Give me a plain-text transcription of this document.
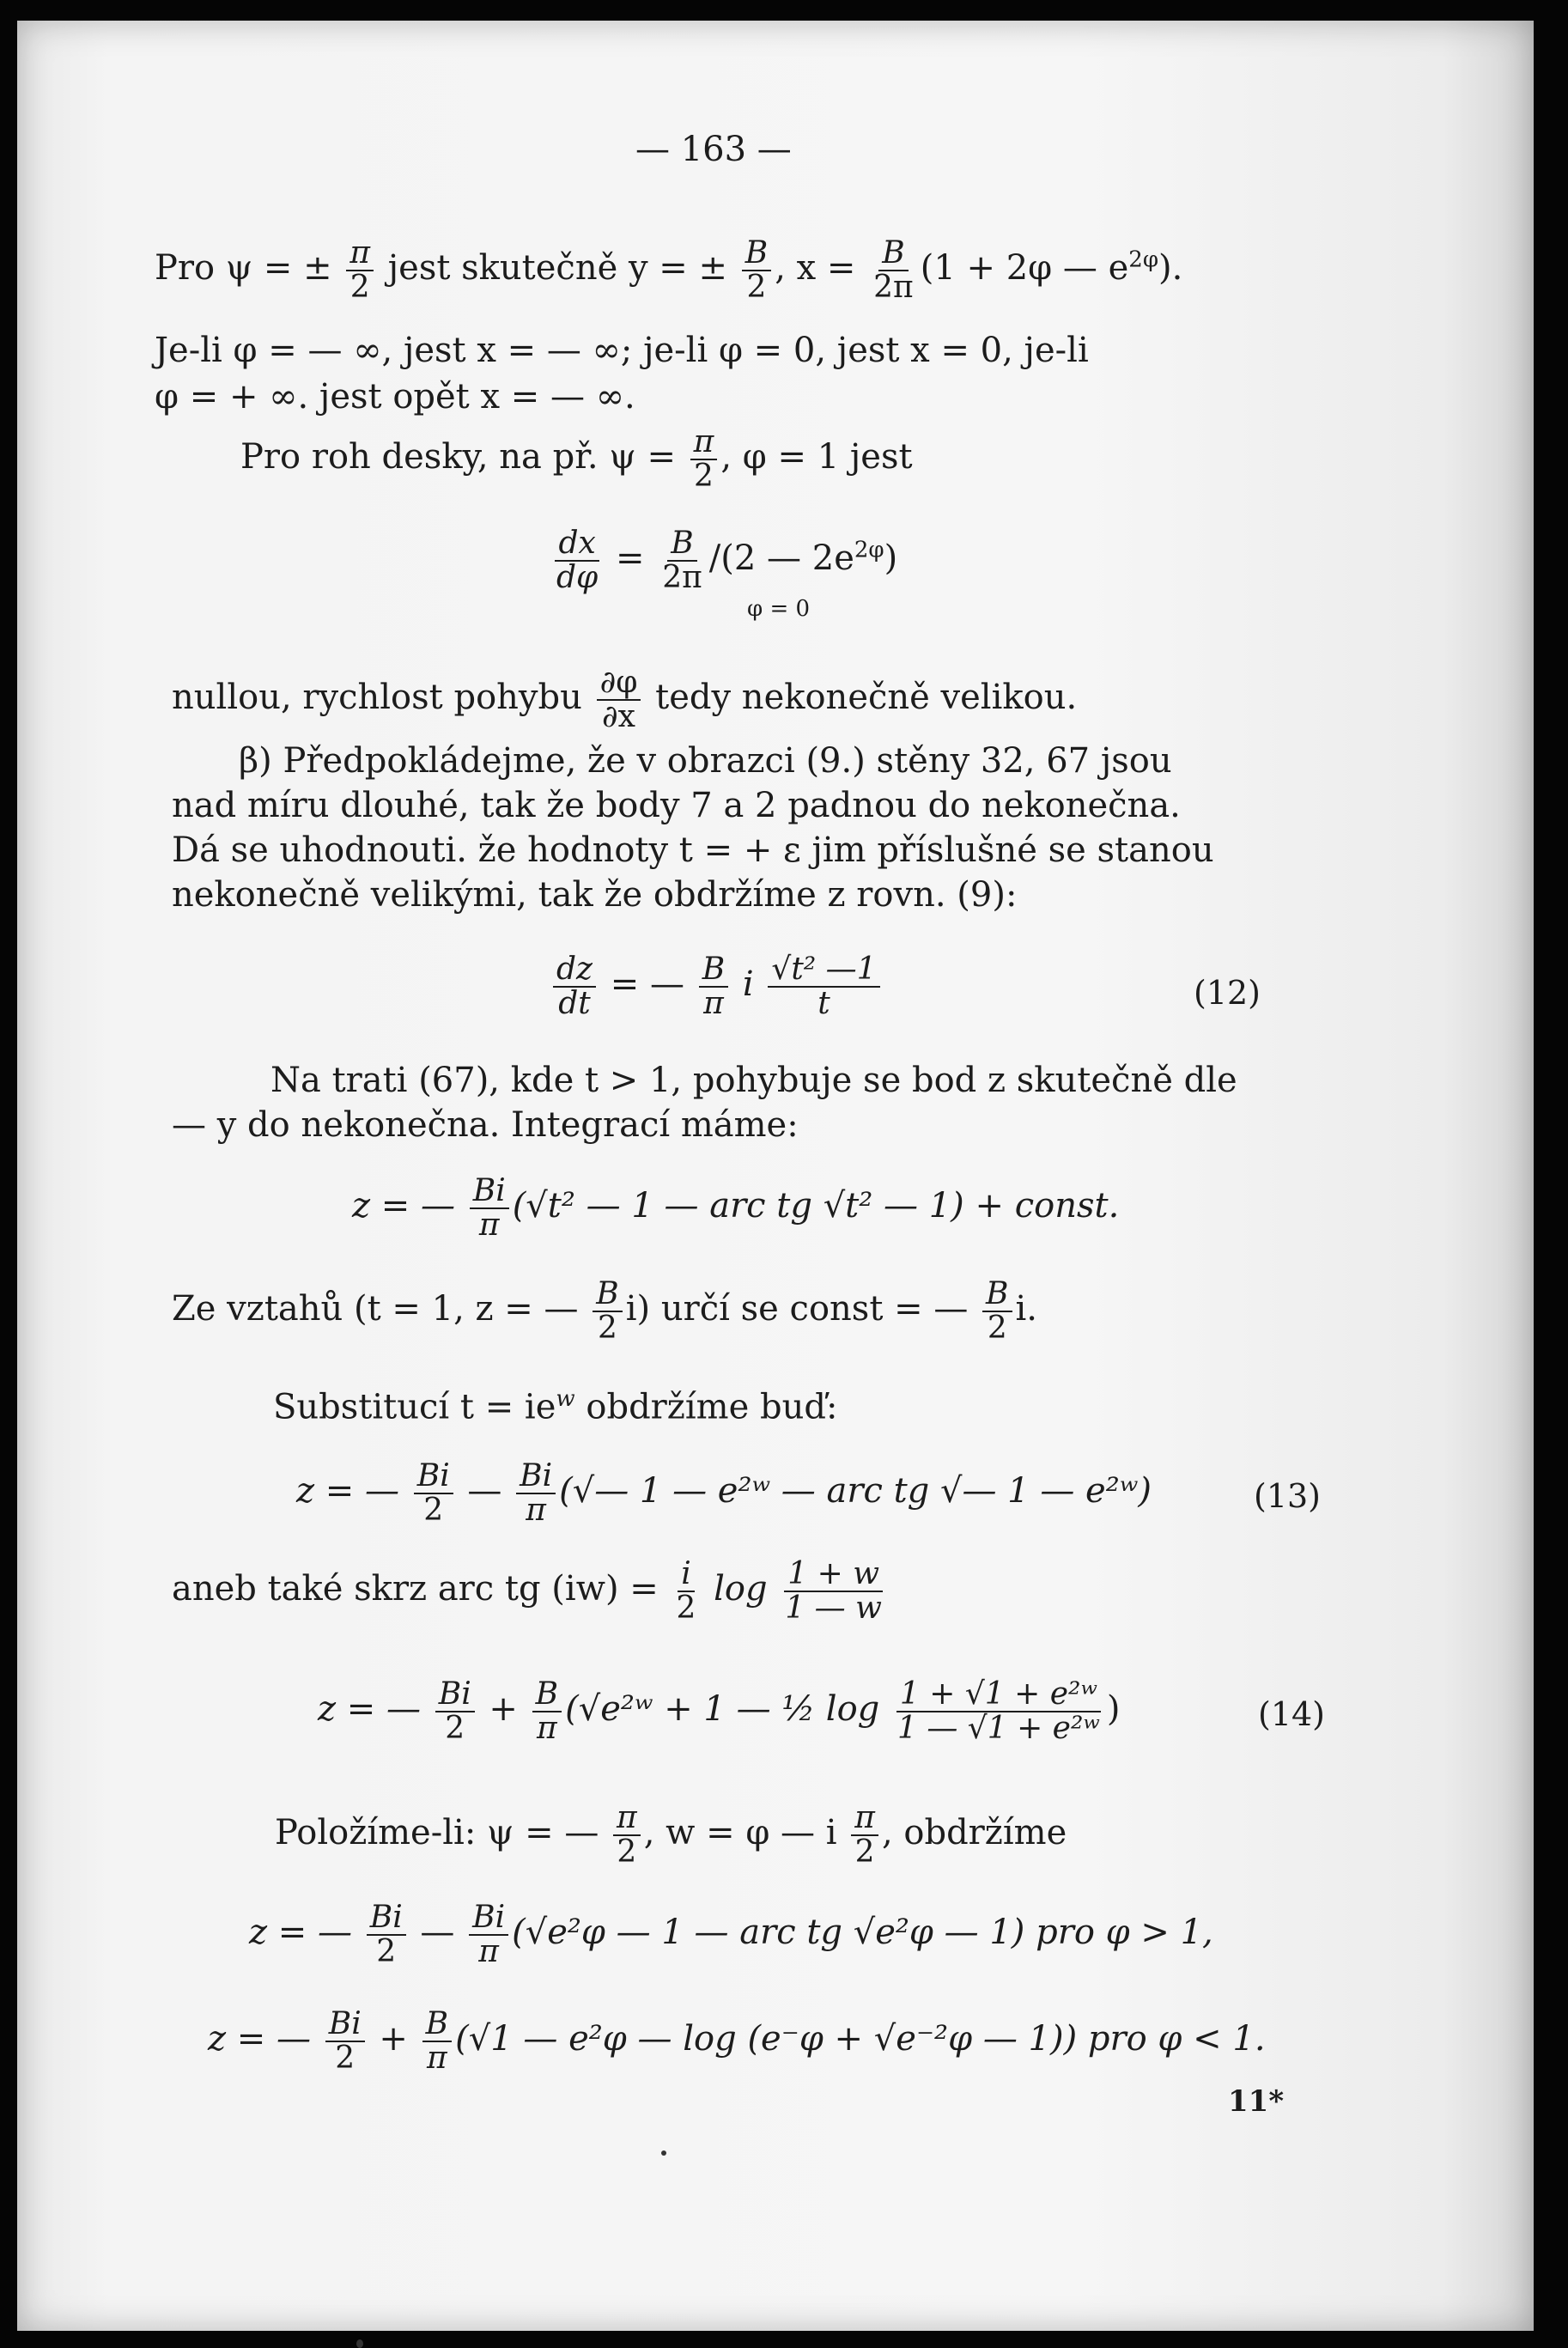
— 163 —
Pro ψ = ± $\frac{\pi}{2}$ jest skutečně y = ± $\frac{B}{2}$ , $x = \frac{B}{2\pi} (1 + 2\varphi$ — $e^{2\varphi}$).
Je-li φ = — ∞, jest x = — ∞; je-li φ = 0, jest x = 0, je-li
φ = + ∞. jest opět x = — ∞.
Pro roh desky, na př. $\psi = \frac{\pi}{2}$ , φ = 1 jest
$\frac{dx}{d\varphi} = \frac{B}{2\pi} /(2$ — $2e^{2\varphi}$)
φ = 0
nullou, rychlost pohybu $\frac{\partial\varphi}{\partial x}$ tedy nekonečně velikou.
β) Předpokládejme, že v obrazci (9.) stěny 32, 67 jsou
nad míru dlouhé, tak že body 7 a 2 padnou do nekonečna.
Dá se uhodnouti. že hodnoty t = + ε jim příslušné se stanou
nekonečně velikými, tak že obdržíme z rovn. (9):
$\frac{dz}{dt}$ = — $\frac{B}{\pi}$ i $\frac{\text{√t² —1}}{t}$	(12)
Na trati (67), kde t > 1, pohybuje se bod z skutečně dle
— y do nekonečna. Integrací máme:
z = — $\frac{Bi}{\pi} (√t^2$ — 1 — arc tg √t² — 1) + const.
Ze vztahů (t = 1, z = — $\frac{B}{2} i$) určí se const = — $\frac{B}{2} i$.
Substitucí $t = ie^w$ obdržíme buď:
z = — $\frac{Bi}{2}$ — $\frac{Bi}{\pi}$ (√— 1 — e²ʷ — arc tg √— 1 — e²ʷ)	(13)
aneb také skrz arc tg $(iw) = \frac{i}{2}$ $\log \frac{1 + w}{1 — w}$
z = — $\frac{Bi}{2} + \frac{B}{\pi}$ (√e²ʷ + 1 — ½ $\log \frac{\text{1 + √1 + e²ʷ}}{\text{1 — √1 + e²ʷ}}$ )	(14)
Položíme-li: ψ = — $\frac{\pi}{2}$ , w = φ — i $\frac{\pi}{2}$ , obdržíme
z = — $\frac{Bi}{2}$ — $\frac{Bi}{\pi} (√e^2\varphi$ — 1 — arc tg √e²φ — 1) pro φ > 1,
z = — $\frac{Bi}{2} + \frac{B}{\pi} (√1$ — e²φ — log (e⁻φ + √e⁻²φ — 1)) pro φ < 1.
11*
